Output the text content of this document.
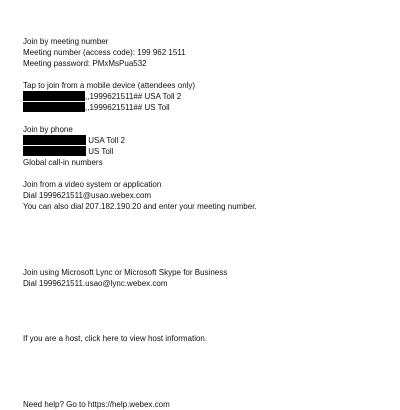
Join by meeting number
Meeting number (access code): 199 962 1511
Meeting password: PMxMsPua532
Tap to join from a mobile device (attendees only)
,,1999621511## USA Toll 2
,,1999621511## US Toll
Join by phone
USA Toll 2
US Toll
Global call-in numbers
Join from a video system or application
Dial 1999621511@usao.webex.com
You can also dial 207.182.190.20 and enter your meeting number.
Join using Microsoft Lync or Microsoft Skype for Business
Dial 1999621511.usao@lync.webex.com
If you are a host, click here to view host information.
Need help? Go to https://help.webex.com
